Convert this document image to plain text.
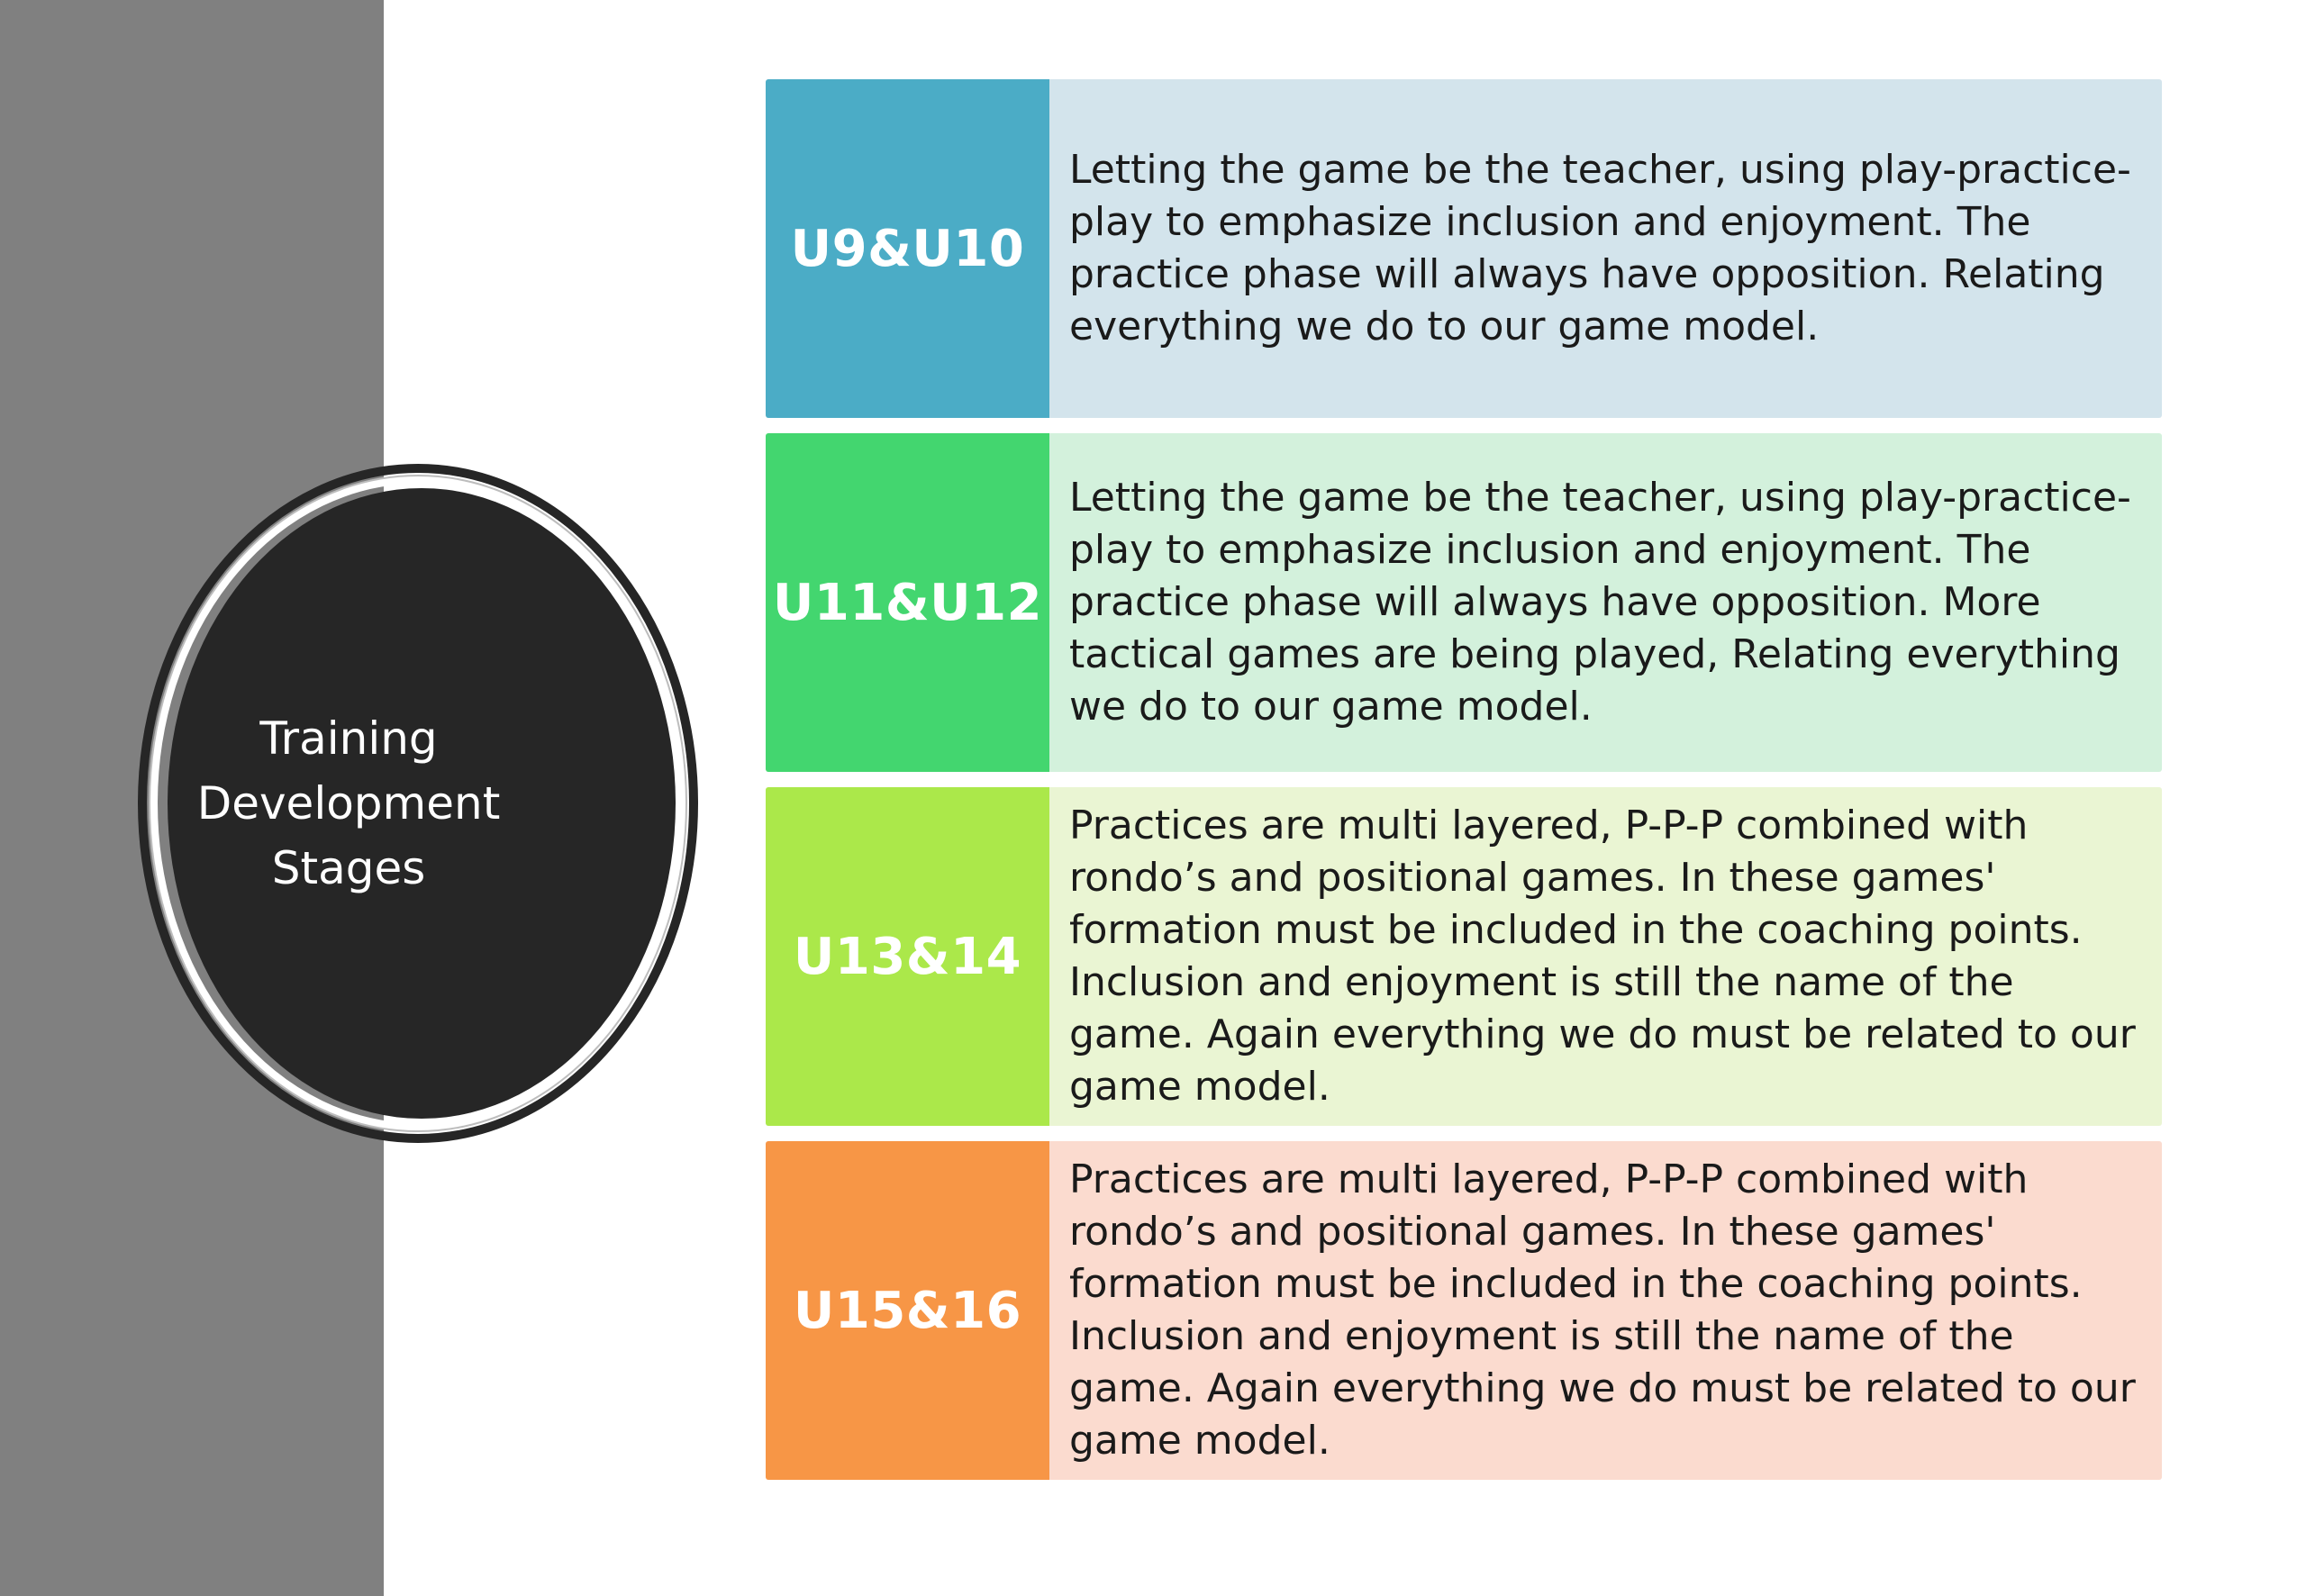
Training
Development
Stages
U9&U10
Letting the game be the teacher, using play-practice-play to emphasize inclusion and enjoyment. The practice phase will always have opposition. Relating everything we do to our game model.
U11&U12
Letting the game be the teacher, using play-practice-play to emphasize inclusion and enjoyment. The practice phase will always have opposition. More tactical games are being played, Relating everything we do to our game model.
U13&14
Practices are multi layered, P-P-P combined with rondo’s and positional games. In these games' formation must be included in the coaching points. Inclusion and enjoyment is still the name of the game. Again everything we do must be related to our game model.
U15&16
Practices are multi layered, P-P-P combined with rondo’s and positional games. In these games' formation must be included in the coaching points. Inclusion and enjoyment is still the name of the game. Again everything we do must be related to our game model.
